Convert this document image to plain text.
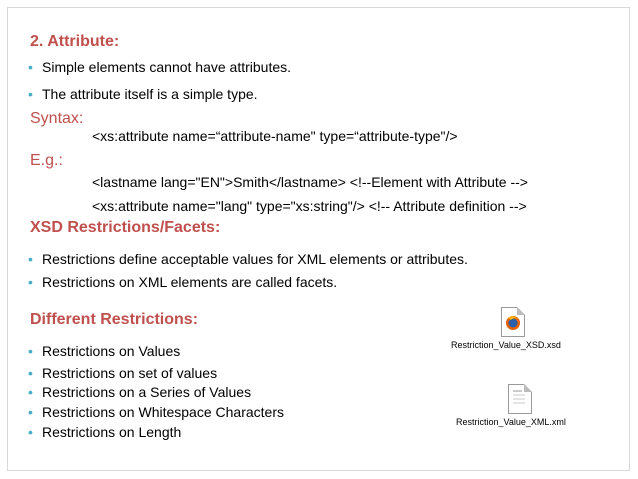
2. Attribute:
• Simple elements cannot have attributes.
• The attribute itself is a simple type.
Syntax:
<xs:attribute name=“attribute-name" type=“attribute-type"/>
E.g.:
<lastname lang="EN">Smith</lastname> <!--Element with Attribute -->
<xs:attribute name="lang" type="xs:string"/> <!-- Attribute definition -->
XSD Restrictions/Facets:
• Restrictions define acceptable values for XML elements or attributes.
• Restrictions on XML elements are called facets.
Different Restrictions:
• Restrictions on Values
• Restrictions on set of values
• Restrictions on a Series of Values
• Restrictions on Whitespace Characters
• Restrictions on Length
Restriction_Value_XSD.xsd
Restriction_Value_XML.xml
